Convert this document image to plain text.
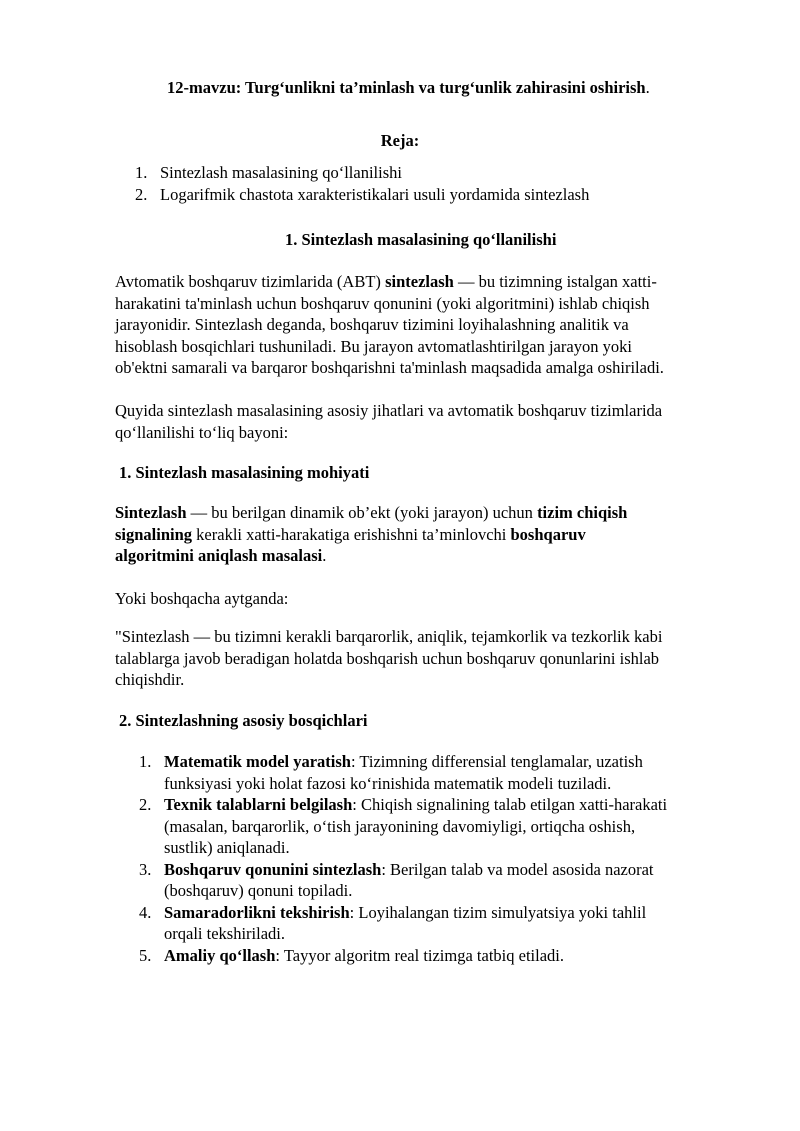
12-mavzu: Turg‘unlikni ta’minlash va turg‘unlik zahirasini oshirish.
Reja:
1. Sintezlash masalasining qo‘llanilishi
2. Logarifmik chastota xarakteristikalari usuli yordamida sintezlash
1. Sintezlash masalasining qo‘llanilishi
Avtomatik boshqaruv tizimlarida (ABT) sintezlash — bu tizimning istalgan xatti-
harakatini ta'minlash uchun boshqaruv qonunini (yoki algoritmini) ishlab chiqish
jarayonidir. Sintezlash deganda, boshqaruv tizimini loyihalashning analitik va
hisoblash bosqichlari tushuniladi. Bu jarayon avtomatlashtirilgan jarayon yoki
ob'ektni samarali va barqaror boshqarishni ta'minlash maqsadida amalga oshiriladi.
Quyida sintezlash masalasining asosiy jihatlari va avtomatik boshqaruv tizimlarida
qo‘llanilishi to‘liq bayoni:
1. Sintezlash masalasining mohiyati
Sintezlash — bu berilgan dinamik ob’ekt (yoki jarayon) uchun tizim chiqish
signalining kerakli xatti-harakatiga erishishni ta’minlovchi boshqaruv
algoritmini aniqlash masalasi.
Yoki boshqacha aytganda:
"Sintezlash — bu tizimni kerakli barqarorlik, aniqlik, tejamkorlik va tezkorlik kabi
talablarga javob beradigan holatda boshqarish uchun boshqaruv qonunlarini ishlab
chiqishdir.
2. Sintezlashning asosiy bosqichlari
1. Matematik model yaratish: Tizimning differensial tenglamalar, uzatish
funksiyasi yoki holat fazosi ko‘rinishida matematik modeli tuziladi.
2. Texnik talablarni belgilash: Chiqish signalining talab etilgan xatti-harakati
(masalan, barqarorlik, o‘tish jarayonining davomiyligi, ortiqcha oshish,
sustlik) aniqlanadi.
3. Boshqaruv qonunini sintezlash: Berilgan talab va model asosida nazorat
(boshqaruv) qonuni topiladi.
4. Samaradorlikni tekshirish: Loyihalangan tizim simulyatsiya yoki tahlil
orqali tekshiriladi.
5. Amaliy qo‘llash: Tayyor algoritm real tizimga tatbiq etiladi.
